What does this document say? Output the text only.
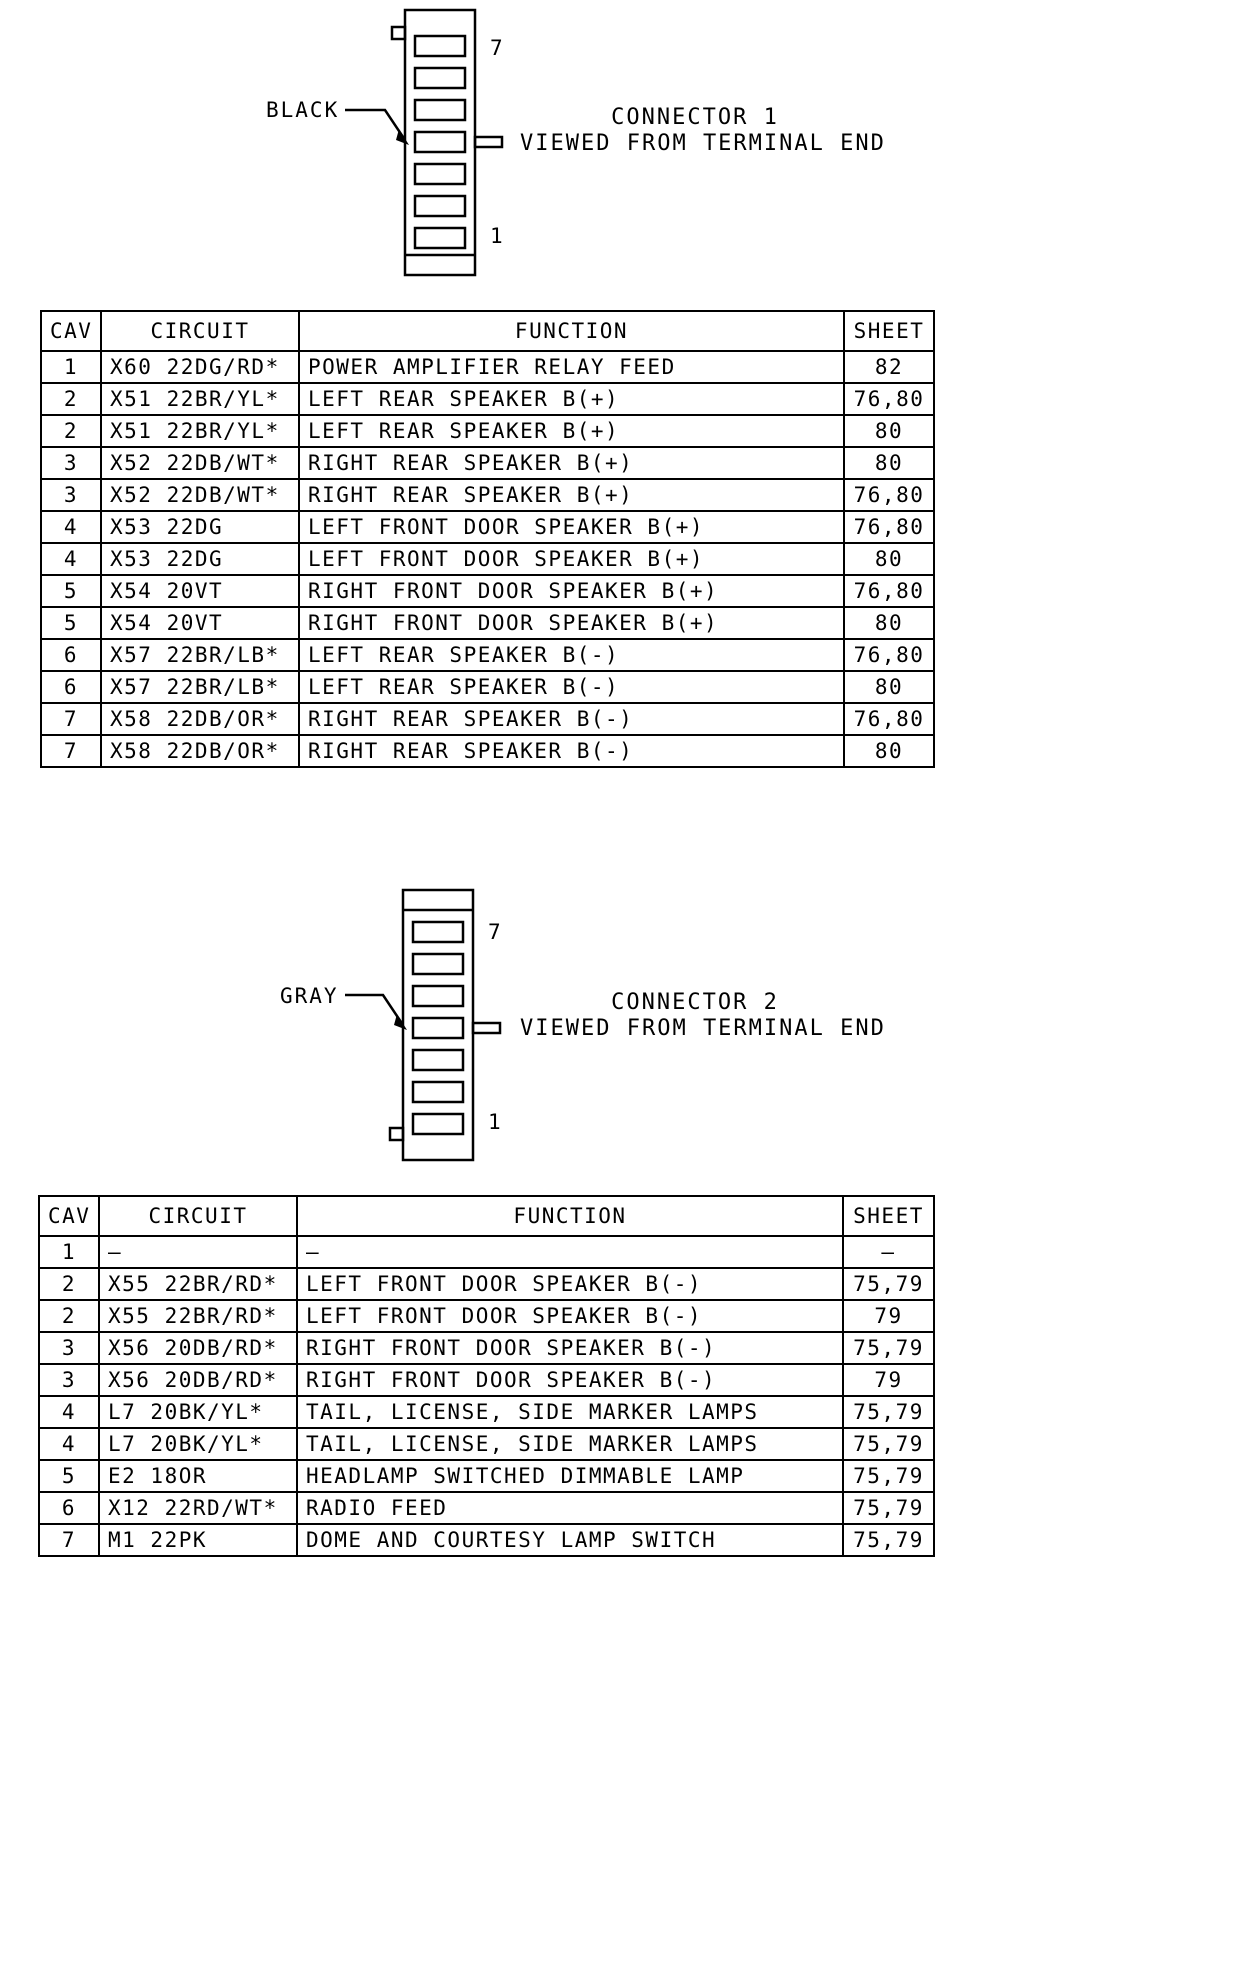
BLACK
7
1
CONNECTOR 1
VIEWED FROM TERMINAL END
CAV	CIRCUIT	FUNCTION	SHEET
1	X60 22DG/RD*	POWER AMPLIFIER RELAY FEED	82
2	X51 22BR/YL*	LEFT REAR SPEAKER B(+)	76,80
2	X51 22BR/YL*	LEFT REAR SPEAKER B(+)	80
3	X52 22DB/WT*	RIGHT REAR SPEAKER B(+)	80
3	X52 22DB/WT*	RIGHT REAR SPEAKER B(+)	76,80
4	X53 22DG	LEFT FRONT DOOR SPEAKER B(+)	76,80
4	X53 22DG	LEFT FRONT DOOR SPEAKER B(+)	80
5	X54 20VT	RIGHT FRONT DOOR SPEAKER B(+)	76,80
5	X54 20VT	RIGHT FRONT DOOR SPEAKER B(+)	80
6	X57 22BR/LB*	LEFT REAR SPEAKER B(-)	76,80
6	X57 22BR/LB*	LEFT REAR SPEAKER B(-)	80
7	X58 22DB/OR*	RIGHT REAR SPEAKER B(-)	76,80
7	X58 22DB/OR*	RIGHT REAR SPEAKER B(-)	80
GRAY
7
1
CONNECTOR 2
VIEWED FROM TERMINAL END
CAV	CIRCUIT	FUNCTION	SHEET
1	—	—	—
2	X55 22BR/RD*	LEFT FRONT DOOR SPEAKER B(-)	75,79
2	X55 22BR/RD*	LEFT FRONT DOOR SPEAKER B(-)	79
3	X56 20DB/RD*	RIGHT FRONT DOOR SPEAKER B(-)	75,79
3	X56 20DB/RD*	RIGHT FRONT DOOR SPEAKER B(-)	79
4	L7 20BK/YL*	TAIL, LICENSE, SIDE MARKER LAMPS	75,79
4	L7 20BK/YL*	TAIL, LICENSE, SIDE MARKER LAMPS	75,79
5	E2 18OR	HEADLAMP SWITCHED DIMMABLE LAMP	75,79
6	X12 22RD/WT*	RADIO FEED	75,79
7	M1 22PK	DOME AND COURTESY LAMP SWITCH	75,79
